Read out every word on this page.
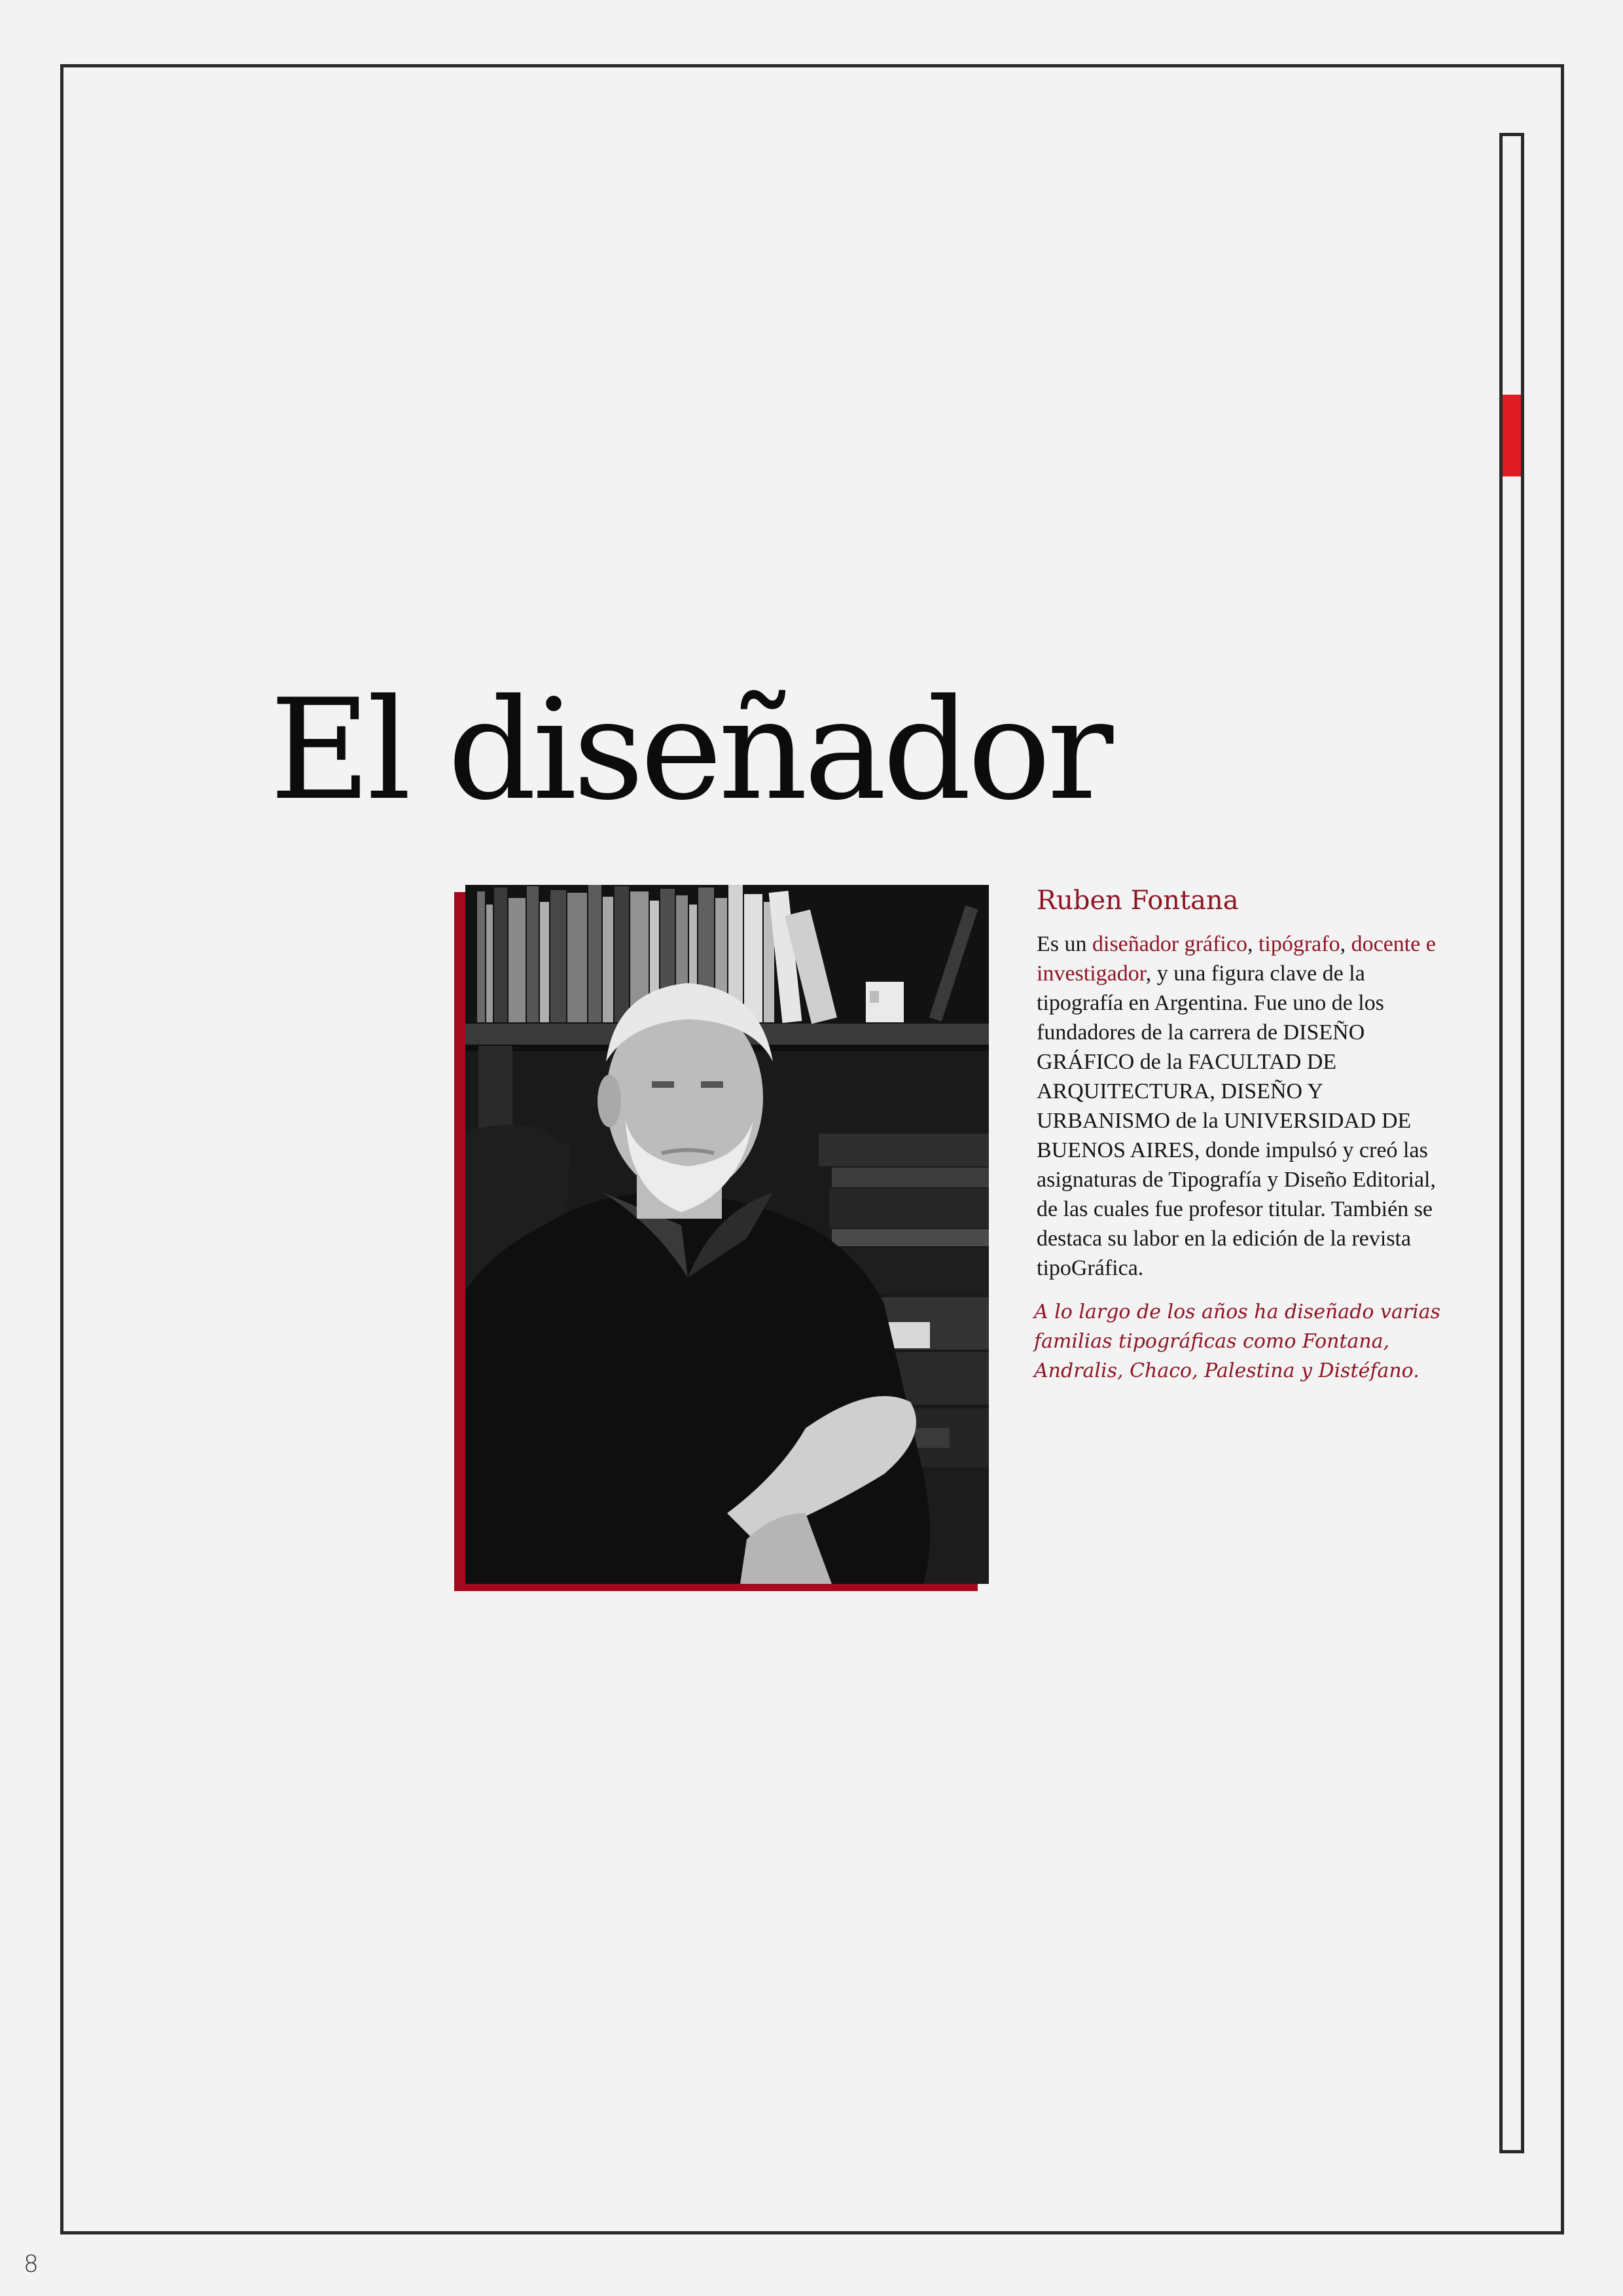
El diseñador
Ruben Fontana

Es un diseñador gráfico, tipógrafo, docente e investigador, y una figura clave de la tipografía en Argentina. Fue uno de los fundadores de la carrera de DISEÑO GRÁFICO de la FACULTAD DE ARQUITECTURA, DISEÑO Y URBANISMO de la UNIVERSIDAD DE BUENOS AIRES, donde impulsó y creó las asignaturas de Tipografía y Diseño Editorial, de las cuales fue profesor titular. También se destaca su labor en la edición de la revista tipoGráfica.

A lo largo de los años ha diseñado varias familias tipográficas como Fontana, Andralis, Chaco, Palestina y Distéfano.

8
